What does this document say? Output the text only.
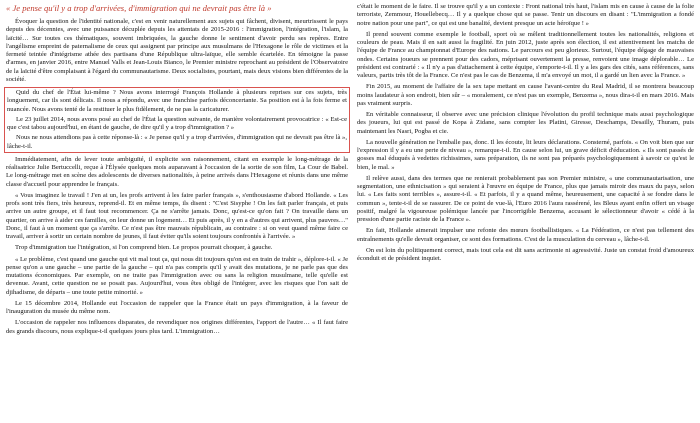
« Je pense qu'il y a trop d'arrivées, d'immigration qui ne devrait pas être là »

Évoquer la question de l'identité nationale, c'est en venir naturellement aux sujets qui fâchent, divisent, meurtrissent le pays depuis des décennies, avec une puissance décuplée depuis les attentats de 2015-2016 : l'immigration, l'intégration, l'islam, la laïcité… Sur toutes ces thématiques, souvent imbriquées, la gauche donne le sentiment d'avoir perdu ses repères. Entre l'angélisme empreint de paternalisme de ceux qui assignent par principe aux musulmans de l'Hexagone le rôle de victimes et la fermeté teintée d'intégrisme athée des partisans d'une République ultra-laïque, elle semble écartelée. En témoigne la passe d'armes, en janvier 2016, entre Manuel Valls et Jean-Louis Bianco, le Premier ministre reprochant au président de l'Observatoire de la laïcité d'être complaisant à l'égard du communautarisme. Deux socialistes, pourtant, mais deux visions bien différentes de la société.

Quid du chef de l'État lui-même ? Nous avons interrogé François Hollande à plusieurs reprises sur ces sujets, très longuement, car ils sont délicats. Il nous a répondu, avec une franchise parfois déconcertante. Sa position est à la fois ferme et nuancée. Nous avons tenté de la restituer le plus fidèlement, de ne pas la caricaturer.

Le 23 juillet 2014, nous avons posé au chef de l'État la question suivante, de manière volontairement provocatrice : « Est-ce que c'est tabou aujourd'hui, en étant de gauche, de dire qu'il y a trop d'immigration ? »

Nous ne nous attendions pas à cette réponse-là : « Je pense qu'il y a trop d'arrivées, d'immigration qui ne devrait pas être là », lâche-t-il.

Immédiatement, afin de lever toute ambiguïté, il explicite son raisonnement, citant en exemple le long-métrage de la réalisatrice Julie Bertuccelli, reçue à l'Élysée quelques mois auparavant à l'occasion de la sortie de son film, La Cour de Babel. Le long-métrage met en scène des adolescents de diverses nationalités, à peine arrivés dans l'Hexagone et réunis dans une même classe d'accueil pour apprendre le français.

« Vous imaginez le travail ! J'en ai un, les profs arrivent à les faire parler français », s'enthousiasme d'abord Hollande. « Les profs sont très fiers, très heureux, reprend-il. Et en même temps, ils disent : "C'est Sisyphe ! On les fait parler français, et puis arrive un autre groupe, et il faut tout recommencer. Ça ne s'arrête jamais. Donc, qu'est-ce qu'on fait ? On travaille dans un quartier, on arrive à aider ces familles, on leur donne un logement… Et puis après, il y en a d'autres qui arrivent, plus pauvres…" Donc, il faut à un moment que ça s'arrête. Ce n'est pas être mauvais républicain, au contraire : si on veut quand même faire ce travail, arriver à sortir un certain nombre de jeunes, il faut éviter qu'ils soient toujours confrontés à l'arrivée. »

Trop d'immigration tue l'intégration, si l'on comprend bien. Le propos pourrait choquer, à gauche.

« Le problème, c'est quand une gauche qui vit mal tout ça, qui nous dit toujours qu'on est en train de trahir », déplore-t-il. « Je pense qu'on a une gauche – une partie de la gauche – qui n'a pas compris qu'il y avait des mutations, je ne parle pas que des mutations économiques. Par exemple, on ne traite pas l'immigration avec ou sans la religion musulmane, telle qu'elle est devenue. Avant, cette question ne se posait pas. Aujourd'hui, vous êtes obligé de l'intégrer, avec les risques que l'on sait de djihadisme, de départs – une toute petite minorité. »

Le 15 décembre 2014, Hollande eut l'occasion de rappeler que la France était un pays d'immigration, à la faveur de l'inauguration du musée du même nom.

L'occasion de rappeler nos influences disparates, de revendiquer nos origines différentes, l'apport de l'autre… « Il faut faire des grands discours, nous explique-t-il quelques jours plus tard. L'immigration…

c'était le moment de le faire. Il se trouve qu'il y a un contexte : Front national très haut, l'islam mis en cause à cause de la folie terroriste, Zemmour, Houellebecq… Il y a quelque chose qui se passe. Tenir un discours en disant : "L'immigration a fondé notre nation pour une part", ce qui est une banalité, devient presque un acte héroïque ! »

Il prend souvent comme exemple le football, sport où se mêlent traditionnellement toutes les nationalités, religions et couleurs de peau. Mais il en sait aussi la fragilité. En juin 2012, juste après son élection, il est attentivement les matchs de l'équipe de France au championnat d'Europe des nations. Le parcours est peu glorieux. Surtout, l'équipe dégage de mauvaises ondes. Certains joueurs se prennent pour des cadors, méprisant ouvertement la presse, renvoient une image déplorable… Le président est contrarié : « Il n'y a pas d'attachement à cette équipe, s'emporte-t-il. Il y a les gars des cités, sans références, sans valeurs, partis très tôt de la France. Ce n'est pas le cas de Benzema, il m'a envoyé un mot, il a gardé un lien avec la France. »

Fin 2015, au moment de l'affaire de la sex tape mettant en cause l'avant-centre du Real Madrid, il se montrera beaucoup moins laudateur à son endroit, bien sûr – « moralement, ce n'est pas un exemple, Benzema », nous dira-t-il en mars 2016. Mais pas vraiment surpris.

En véritable connaisseur, il observe avec une précision clinique l'évolution du profil technique mais aussi psychologique des joueurs, lui qui est passé de Kopa à Zidane, sans compter les Platini, Giresse, Deschamps, Desailly, Thuram, puis maintenant les Nasri, Pogba et cie.

La nouvelle génération ne l'emballe pas, donc. Il les écoute, lit leurs déclarations. Consterné, parfois. « On voit bien que sur l'expression il y a eu une perte de niveau », remarque-t-il. En cause selon lui, un grave déficit d'éducation. « Ils sont passés de gosses mal éduqués à vedettes richissimes, sans préparation, ils ne sont pas préparés psychologiquement à savoir ce qu'est le bien, le mal. »

Il relève aussi, dans des termes que ne renierait probablement pas son Premier ministre, « une communautarisation, une segmentation, une ethnicisation » qui seraient à l'œuvre en équipe de France, plus que jamais miroir des maux du pays, selon lui. « Les faits sont terribles », assure-t-il. « Et parfois, il y a quand même, heureusement, une capacité à se fondre dans le commun », tente-t-il de se rassurer. De ce point de vue-là, l'Euro 2016 l'aura rassérené, les Bleus ayant enfin offert un visage positif, malgré la vigoureuse polémique lancée par l'incorrigible Benzema, accusant le sélectionneur d'avoir « cédé à la pression d'une partie raciste de la France ».

En fait, Hollande aimerait impulser une refonte des mœurs footballistiques. « La Fédération, ce n'est pas tellement des entraînements qu'elle devrait organiser, ce sont des formations. C'est de la musculation du cerveau », lâche-t-il.

On est loin du politiquement correct, mais tout cela est dit sans acrimonie ni agressivité. Juste un constat froid d'amoureux éconduit et de président inquiet.
